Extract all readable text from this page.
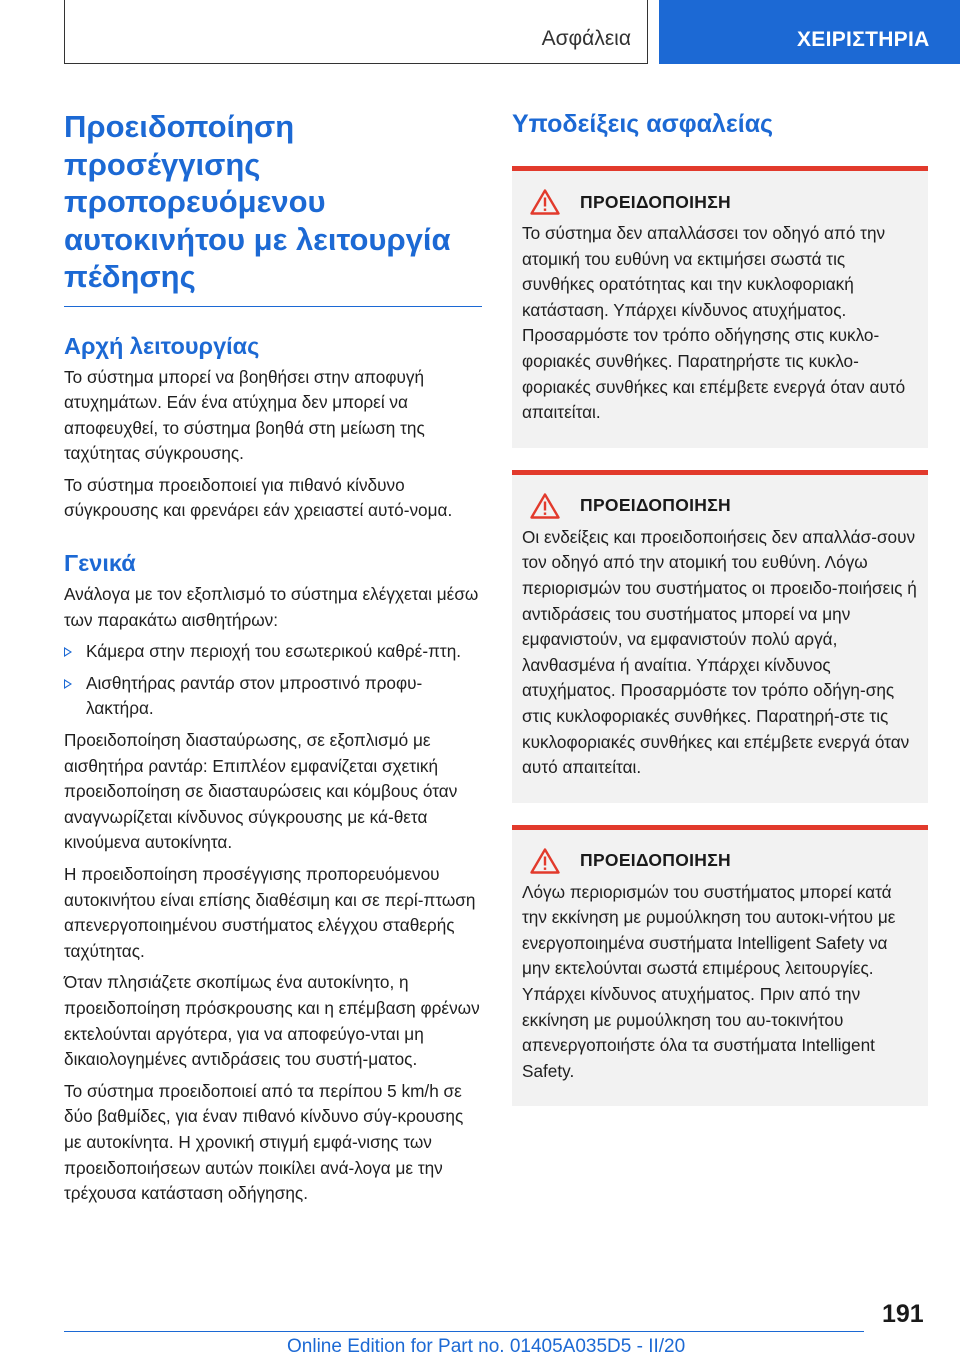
Ασφάλεια	ΧΕΙΡΙΣΤΗΡΙΑ
Προειδοποίηση
προσέγγισης
προπορευόμενου
αυτοκινήτου με λειτουργία
πέδησης
Αρχή λειτουργίας

Το σύστημα μπορεί να βοηθήσει στην αποφυγή ατυχημάτων. Εάν ένα ατύχημα δεν μπορεί να αποφευχθεί, το σύστημα βοηθά στη μείωση της ταχύτητας σύγκρουσης.

Το σύστημα προειδοποιεί για πιθανό κίνδυνο σύγκρουσης και φρενάρει εάν χρειαστεί αυτό-νομα.

Γενικά

Ανάλογα με τον εξοπλισμό το σύστημα ελέγχεται μέσω των παρακάτω αισθητήρων:

Κάμερα στην περιοχή του εσωτερικού καθρέ-πτη.
Αισθητήρας ραντάρ στον μπροστινό προφυ-λακτήρα.

Προειδοποίηση διασταύρωσης, σε εξοπλισμό με αισθητήρα ραντάρ: Επιπλέον εμφανίζεται σχετική προειδοποίηση σε διασταυρώσεις και κόμβους όταν αναγνωρίζεται κίνδυνος σύγκρουσης με κά-θετα κινούμενα αυτοκίνητα.

Η προειδοποίηση προσέγγισης προπορευόμενου αυτοκινήτου είναι επίσης διαθέσιμη και σε περί-πτωση απενεργοποιημένου συστήματος ελέγχου σταθερής ταχύτητας.

Όταν πλησιάζετε σκοπίμως ένα αυτοκίνητο, η προειδοποίηση πρόσκρουσης και η επέμβαση φρένων εκτελούνται αργότερα, για να αποφεύγο-νται μη δικαιολογημένες αντιδράσεις του συστή-ματος.

Το σύστημα προειδοποιεί από τα περίπου 5 km/h σε δύο βαθμίδες, για έναν πιθανό κίνδυνο σύγ-κρουσης με αυτοκίνητα. Η χρονική στιγμή εμφά-νισης των προειδοποιήσεων αυτών ποικίλει ανά-λογα με την τρέχουσα κατάσταση οδήγησης.

Υποδείξεις ασφαλείας
ΠΡΟΕΙΔΟΠΟΙΗΣΗ

Το σύστημα δεν απαλλάσσει τον οδηγό από την ατομική του ευθύνη να εκτιμήσει σωστά τις συνθήκες ορατότητας και την κυκλοφοριακή κατάσταση. Υπάρχει κίνδυνος ατυχήματος. Προσαρμόστε τον τρόπο οδήγησης στις κυκλο-φοριακές συνθήκες. Παρατηρήστε τις κυκλο-φοριακές συνθήκες και επέμβετε ενεργά όταν αυτό απαιτείται.

ΠΡΟΕΙΔΟΠΟΙΗΣΗ

Οι ενδείξεις και προειδοποιήσεις δεν απαλλάσ-σουν τον οδηγό από την ατομική του ευθύνη. Λόγω περιορισμών του συστήματος οι προειδο-ποιήσεις ή αντιδράσεις του συστήματος μπορεί να μην εμφανιστούν, να εμφανιστούν πολύ αργά, λανθασμένα ή αναίτια. Υπάρχει κίνδυνος ατυχήματος. Προσαρμόστε τον τρόπο οδήγη-σης στις κυκλοφοριακές συνθήκες. Παρατηρή-στε τις κυκλοφοριακές συνθήκες και επέμβετε ενεργά όταν αυτό απαιτείται.

ΠΡΟΕΙΔΟΠΟΙΗΣΗ

Λόγω περιορισμών του συστήματος μπορεί κατά την εκκίνηση με ρυμούλκηση του αυτοκι-νήτου με ενεργοποιημένα συστήματα Intelligent Safety να μην εκτελούνται σωστά επιμέρους λειτουργίες. Υπάρχει κίνδυνος ατυχήματος. Πριν από την εκκίνηση με ρυμούλκηση του αυ-τοκινήτου απενεργοποιήστε όλα τα συστήματα Intelligent Safety.

191
Online Edition for Part no. 01405A035D5 - II/20
